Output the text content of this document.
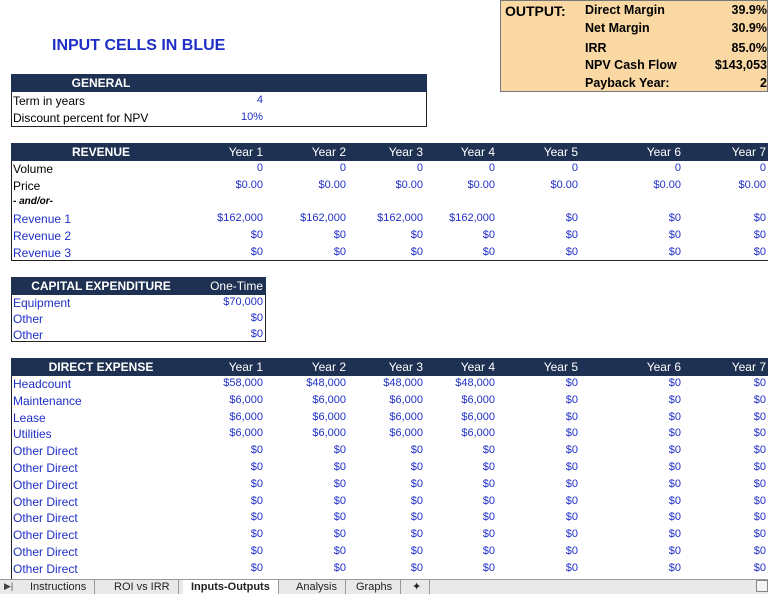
INPUT CELLS IN BLUE
OUTPUT: Direct Margin	39.9%
Net Margin	30.9%
IRR	85.0%
NPV Cash Flow	$143,053
Payback Year:	2
GENERAL
Term in years	4
Discount percent for NPV	10%
REVENUE	Year 1	Year 2	Year 3	Year 4	Year 5	Year 6	Year 7
Volume	0	0	0	0	0	0	0
Price	$0.00	$0.00	$0.00	$0.00	$0.00	$0.00	$0.00
- and/or-
Revenue 1	$162,000	$162,000	$162,000	$162,000	$0	$0	$0
Revenue 2	$0	$0	$0	$0	$0	$0	$0
Revenue 3	$0	$0	$0	$0	$0	$0	$0
CAPITAL EXPENDITURE	One-Time
Equipment	$70,000
Other	$0
Other	$0
DIRECT EXPENSE	Year 1	Year 2	Year 3	Year 4	Year 5	Year 6	Year 7
Headcount	$58,000	$48,000	$48,000	$48,000	$0	$0	$0
Maintenance	$6,000	$6,000	$6,000	$6,000	$0	$0	$0
Lease	$6,000	$6,000	$6,000	$6,000	$0	$0	$0
Utilities	$6,000	$6,000	$6,000	$6,000	$0	$0	$0
Other Direct	$0	$0	$0	$0	$0	$0	$0
Other Direct	$0	$0	$0	$0	$0	$0	$0
Other Direct	$0	$0	$0	$0	$0	$0	$0
Other Direct	$0	$0	$0	$0	$0	$0	$0
Other Direct	$0	$0	$0	$0	$0	$0	$0
Other Direct	$0	$0	$0	$0	$0	$0	$0
Other Direct	$0	$0	$0	$0	$0	$0	$0
Other Direct	$0	$0	$0	$0	$0	$0	$0
▶|	Instructions	ROI vs IRR	Inputs-Outputs	Analysis	Graphs	✦
